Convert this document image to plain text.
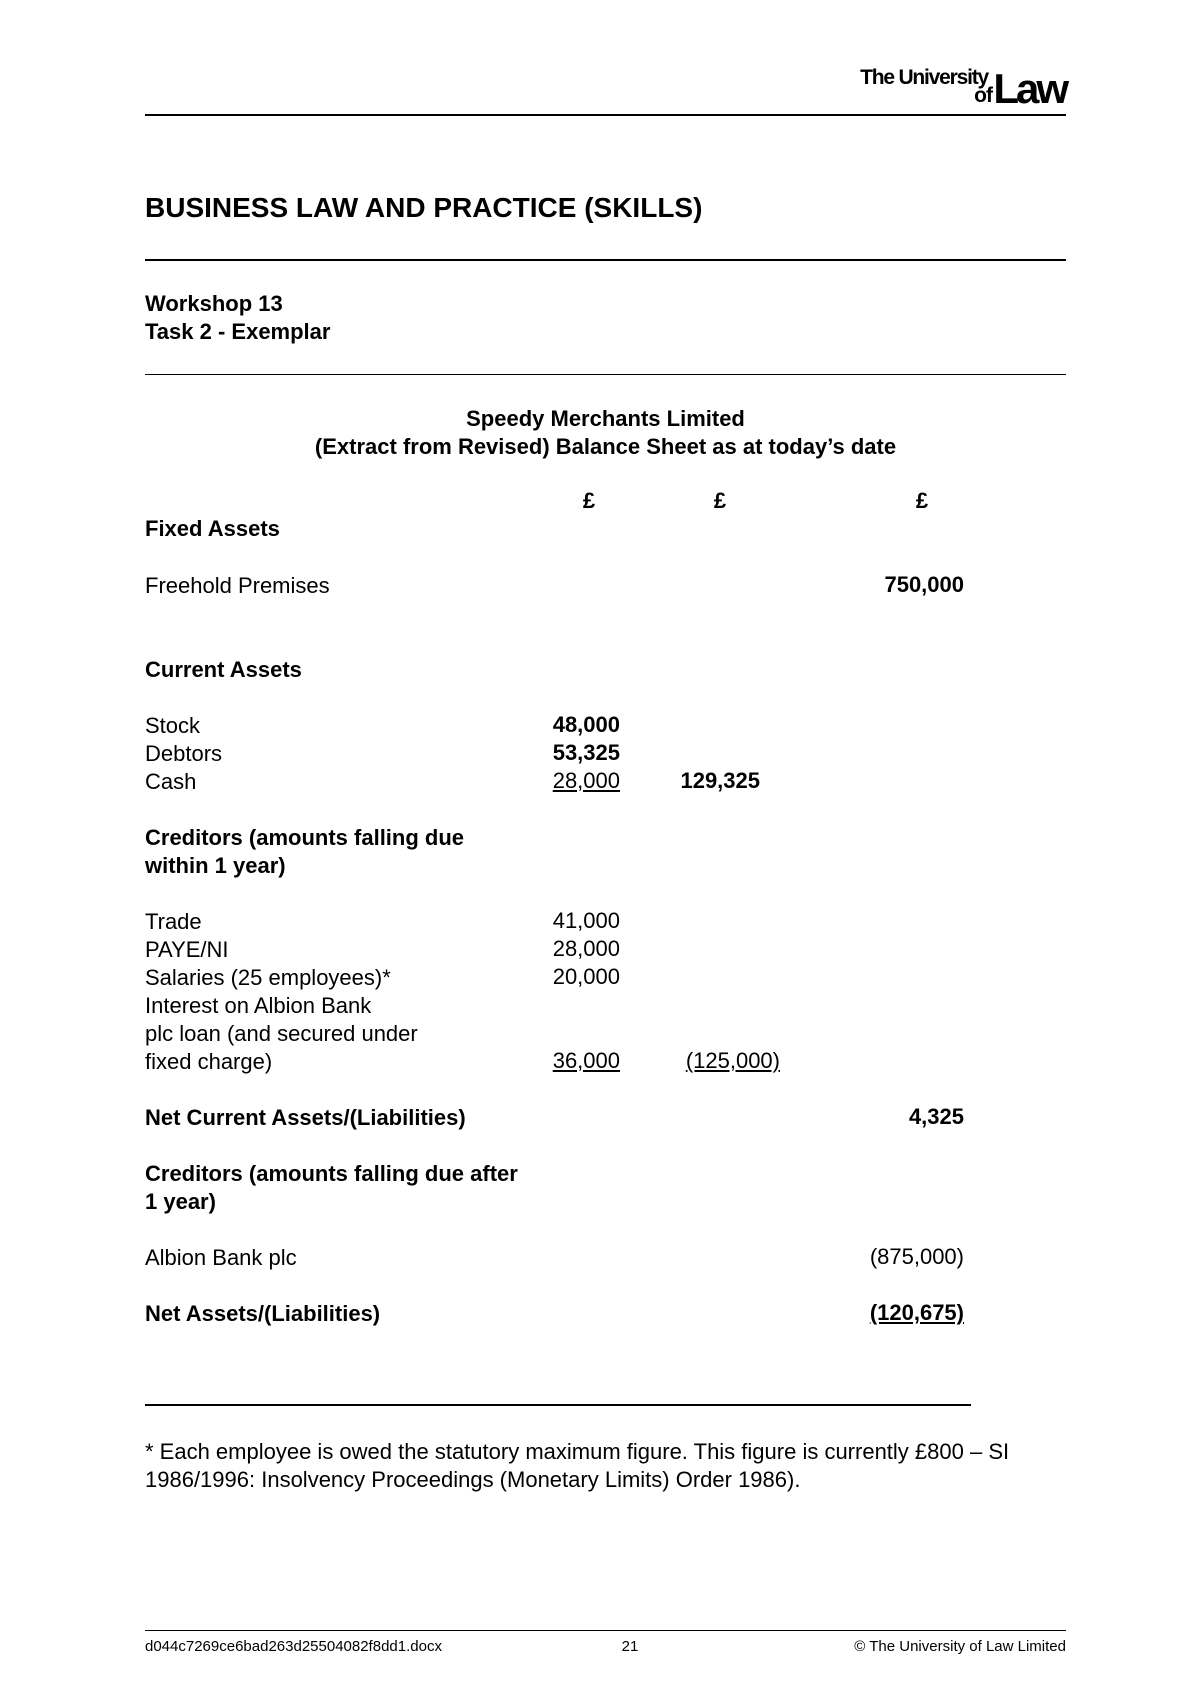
The University
of Law
BUSINESS LAW AND PRACTICE (SKILLS)
Workshop 13
Task 2 - Exemplar
Speedy Merchants Limited
(Extract from Revised) Balance Sheet as at today’s date
£	£	£
Fixed Assets
Freehold Premises	750,000
Current Assets
Stock	48,000
Debtors	53,325
Cash	28,000	129,325
Creditors (amounts falling due within 1 year)
Trade	41,000
PAYE/NI	28,000
Salaries (25 employees)*	20,000
Interest on Albion Bank
plc loan (and secured under
fixed charge)	36,000	(125,000)
Net Current Assets/(Liabilities)	4,325
Creditors (amounts falling due after 1 year)
Albion Bank plc	(875,000)
Net Assets/(Liabilities)	(120,675)
* Each employee is owed the statutory maximum figure. This figure is currently £800 – SI 1986/1996: Insolvency Proceedings (Monetary Limits) Order 1986).
d044c7269ce6bad263d25504082f8dd1.docx	21	© The University of Law Limited
